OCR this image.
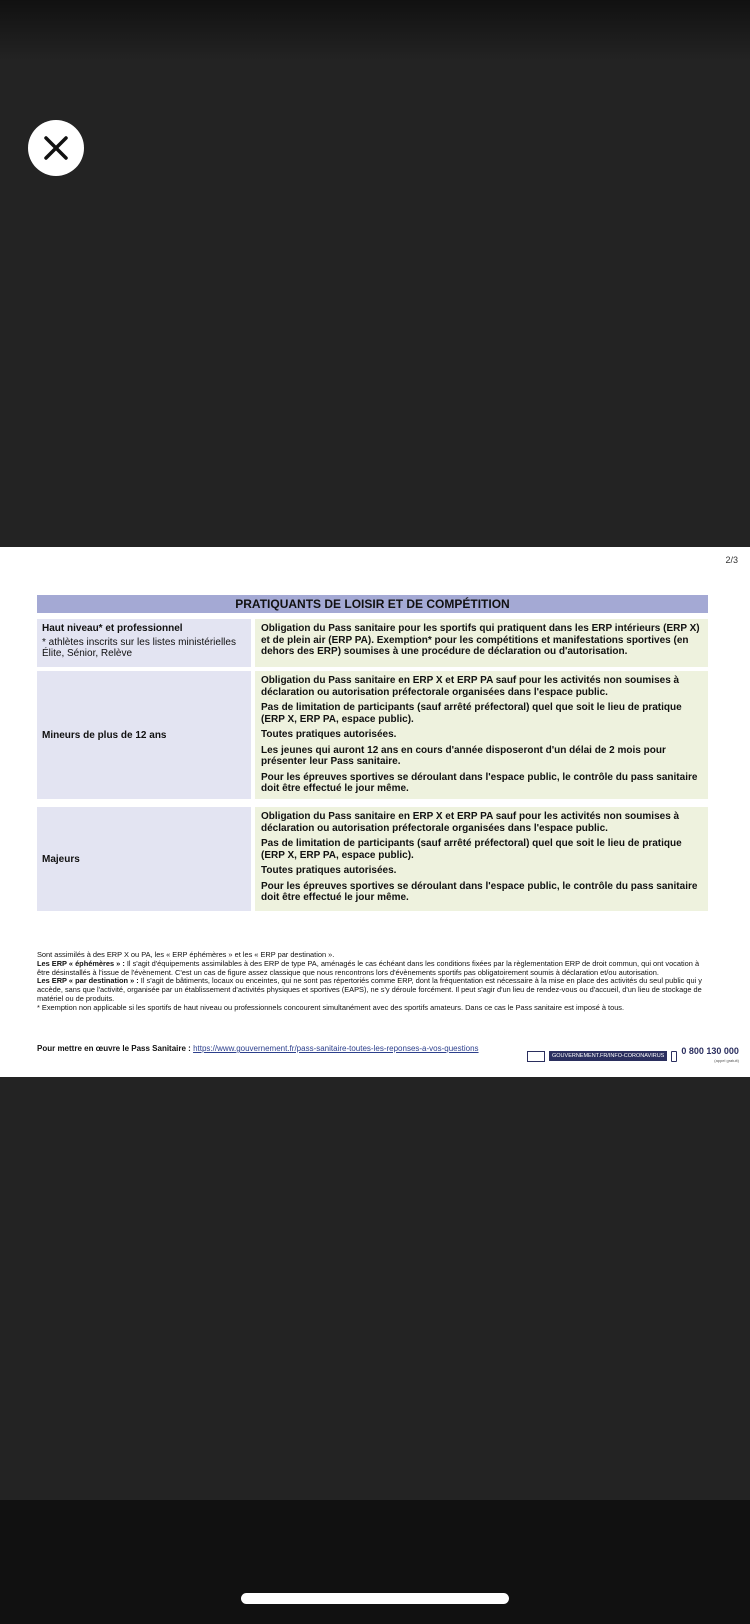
2/3
PRATIQUANTS DE LOISIR ET DE COMPÉTITION
Haut niveau* et professionnel
* athlètes inscrits sur les listes ministérielles Élite, Sénior, Relève

Obligation du Pass sanitaire pour les sportifs qui pratiquent dans les ERP intérieurs (ERP X) et de plein air (ERP PA). Exemption* pour les compétitions et manifestations sportives (en dehors des ERP) soumises à une procédure de déclaration ou d'autorisation.

Mineurs de plus de 12 ans

Obligation du Pass sanitaire en ERP X et ERP PA sauf pour les activités non soumises à déclaration ou autorisation préfectorale organisées dans l'espace public.

Pas de limitation de participants (sauf arrêté préfectoral) quel que soit le lieu de pratique (ERP X, ERP PA, espace public).

Toutes pratiques autorisées.

Les jeunes qui auront 12 ans en cours d'année disposeront d'un délai de 2 mois pour présenter leur Pass sanitaire.

Pour les épreuves sportives se déroulant dans l'espace public, le contrôle du pass sanitaire doit être effectué le jour même.

Majeurs

Obligation du Pass sanitaire en ERP X et ERP PA sauf pour les activités non soumises à déclaration ou autorisation préfectorale organisées dans l'espace public.

Pas de limitation de participants (sauf arrêté préfectoral) quel que soit le lieu de pratique (ERP X, ERP PA, espace public).

Toutes pratiques autorisées.

Pour les épreuves sportives se déroulant dans l'espace public, le contrôle du pass sanitaire doit être effectué le jour même.

Sont assimilés à des ERP X ou PA, les « ERP éphémères » et les « ERP par destination ».

Les ERP « éphémères » : Il s'agit d'équipements assimilables à des ERP de type PA, aménagés le cas échéant dans les conditions fixées par la règlementation ERP de droit commun, qui ont vocation à être désinstallés à l'issue de l'évènement. C'est un cas de figure assez classique que nous rencontrons lors d'évènements sportifs pas obligatoirement soumis à déclaration et/ou autorisation.

Les ERP « par destination » : Il s'agit de bâtiments, locaux ou enceintes, qui ne sont pas répertoriés comme ERP, dont la fréquentation est nécessaire à la mise en place des activités du seul public qui y accède, sans que l'activité, organisée par un établissement d'activités physiques et sportives (EAPS), ne s'y déroule forcément. Il peut s'agir d'un lieu de rendez-vous ou d'accueil, d'un lieu de stockage de matériel ou de produits.

* Exemption non applicable si les sportifs de haut niveau ou professionnels concourent simultanément avec des sportifs amateurs. Dans ce cas le Pass sanitaire est imposé à tous.

Pour mettre en œuvre le Pass Sanitaire : https://www.gouvernement.fr/pass-sanitaire-toutes-les-reponses-a-vos-questions
GOUVERNEMENT.FR/INFO-CORONAVIRUS	0 800 130 000
(appel gratuit)
